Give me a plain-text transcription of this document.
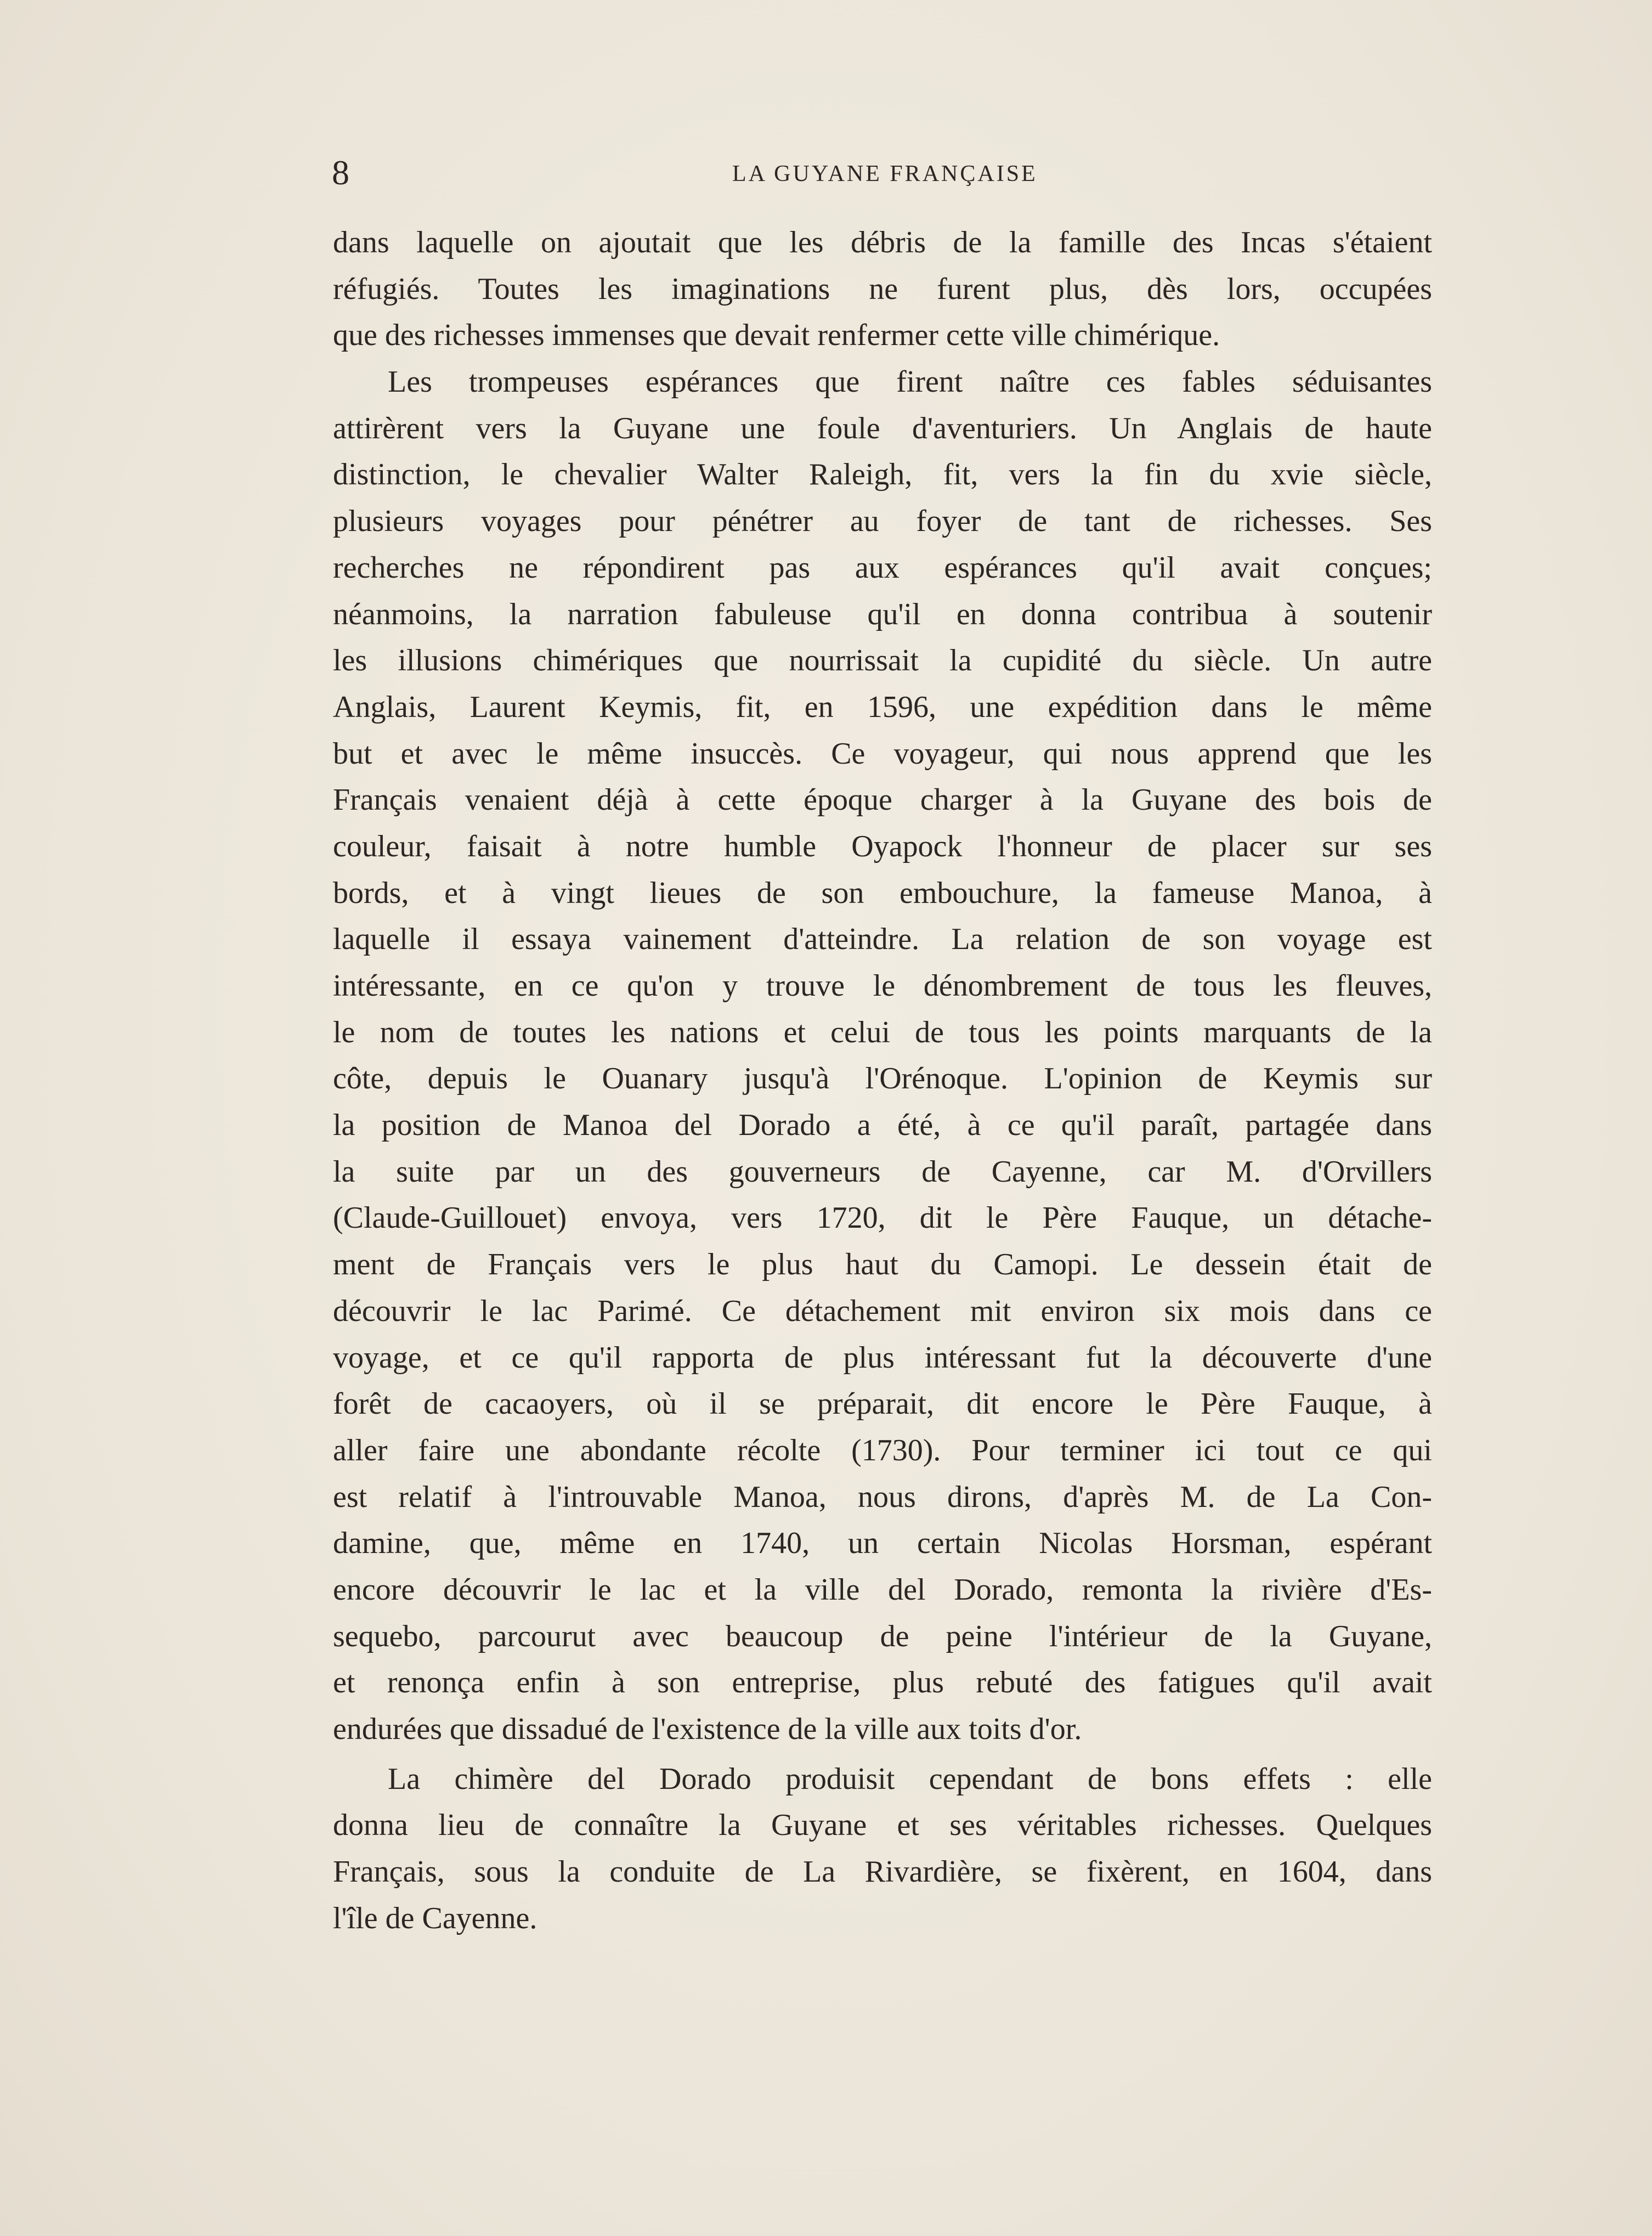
8	LA GUYANE FRANÇAISE
dans laquelle on ajoutait que les débris de la famille des Incas s'étaient
réfugiés. Toutes les imaginations ne furent plus, dès lors, occupées
que des richesses immenses que devait renfermer cette ville chimérique.
Les trompeuses espérances que firent naître ces fables séduisantes
attirèrent vers la Guyane une foule d'aventuriers. Un Anglais de haute
distinction, le chevalier Walter Raleigh, fit, vers la fin du xvie siècle,
plusieurs voyages pour pénétrer au foyer de tant de richesses. Ses
recherches ne répondirent pas aux espérances qu'il avait conçues;
néanmoins, la narration fabuleuse qu'il en donna contribua à soutenir
les illusions chimériques que nourrissait la cupidité du siècle. Un autre
Anglais, Laurent Keymis, fit, en 1596, une expédition dans le même
but et avec le même insuccès. Ce voyageur, qui nous apprend que les
Français venaient déjà à cette époque charger à la Guyane des bois de
couleur, faisait à notre humble Oyapock l'honneur de placer sur ses
bords, et à vingt lieues de son embouchure, la fameuse Manoa, à
laquelle il essaya vainement d'atteindre. La relation de son voyage est
intéressante, en ce qu'on y trouve le dénombrement de tous les fleuves,
le nom de toutes les nations et celui de tous les points marquants de la
côte, depuis le Ouanary jusqu'à l'Orénoque. L'opinion de Keymis sur
la position de Manoa del Dorado a été, à ce qu'il paraît, partagée dans
la suite par un des gouverneurs de Cayenne, car M. d'Orvillers
(Claude-Guillouet) envoya, vers 1720, dit le Père Fauque, un détache-
ment de Français vers le plus haut du Camopi. Le dessein était de
découvrir le lac Parimé. Ce détachement mit environ six mois dans ce
voyage, et ce qu'il rapporta de plus intéressant fut la découverte d'une
forêt de cacaoyers, où il se préparait, dit encore le Père Fauque, à
aller faire une abondante récolte (1730). Pour terminer ici tout ce qui
est relatif à l'introuvable Manoa, nous dirons, d'après M. de La Con-
damine, que, même en 1740, un certain Nicolas Horsman, espérant
encore découvrir le lac et la ville del Dorado, remonta la rivière d'Es-
sequebo, parcourut avec beaucoup de peine l'intérieur de la Guyane,
et renonça enfin à son entreprise, plus rebuté des fatigues qu'il avait
endurées que dissadué de l'existence de la ville aux toits d'or.
La chimère del Dorado produisit cependant de bons effets : elle
donna lieu de connaître la Guyane et ses véritables richesses. Quelques
Français, sous la conduite de La Rivardière, se fixèrent, en 1604, dans
l'île de Cayenne.
